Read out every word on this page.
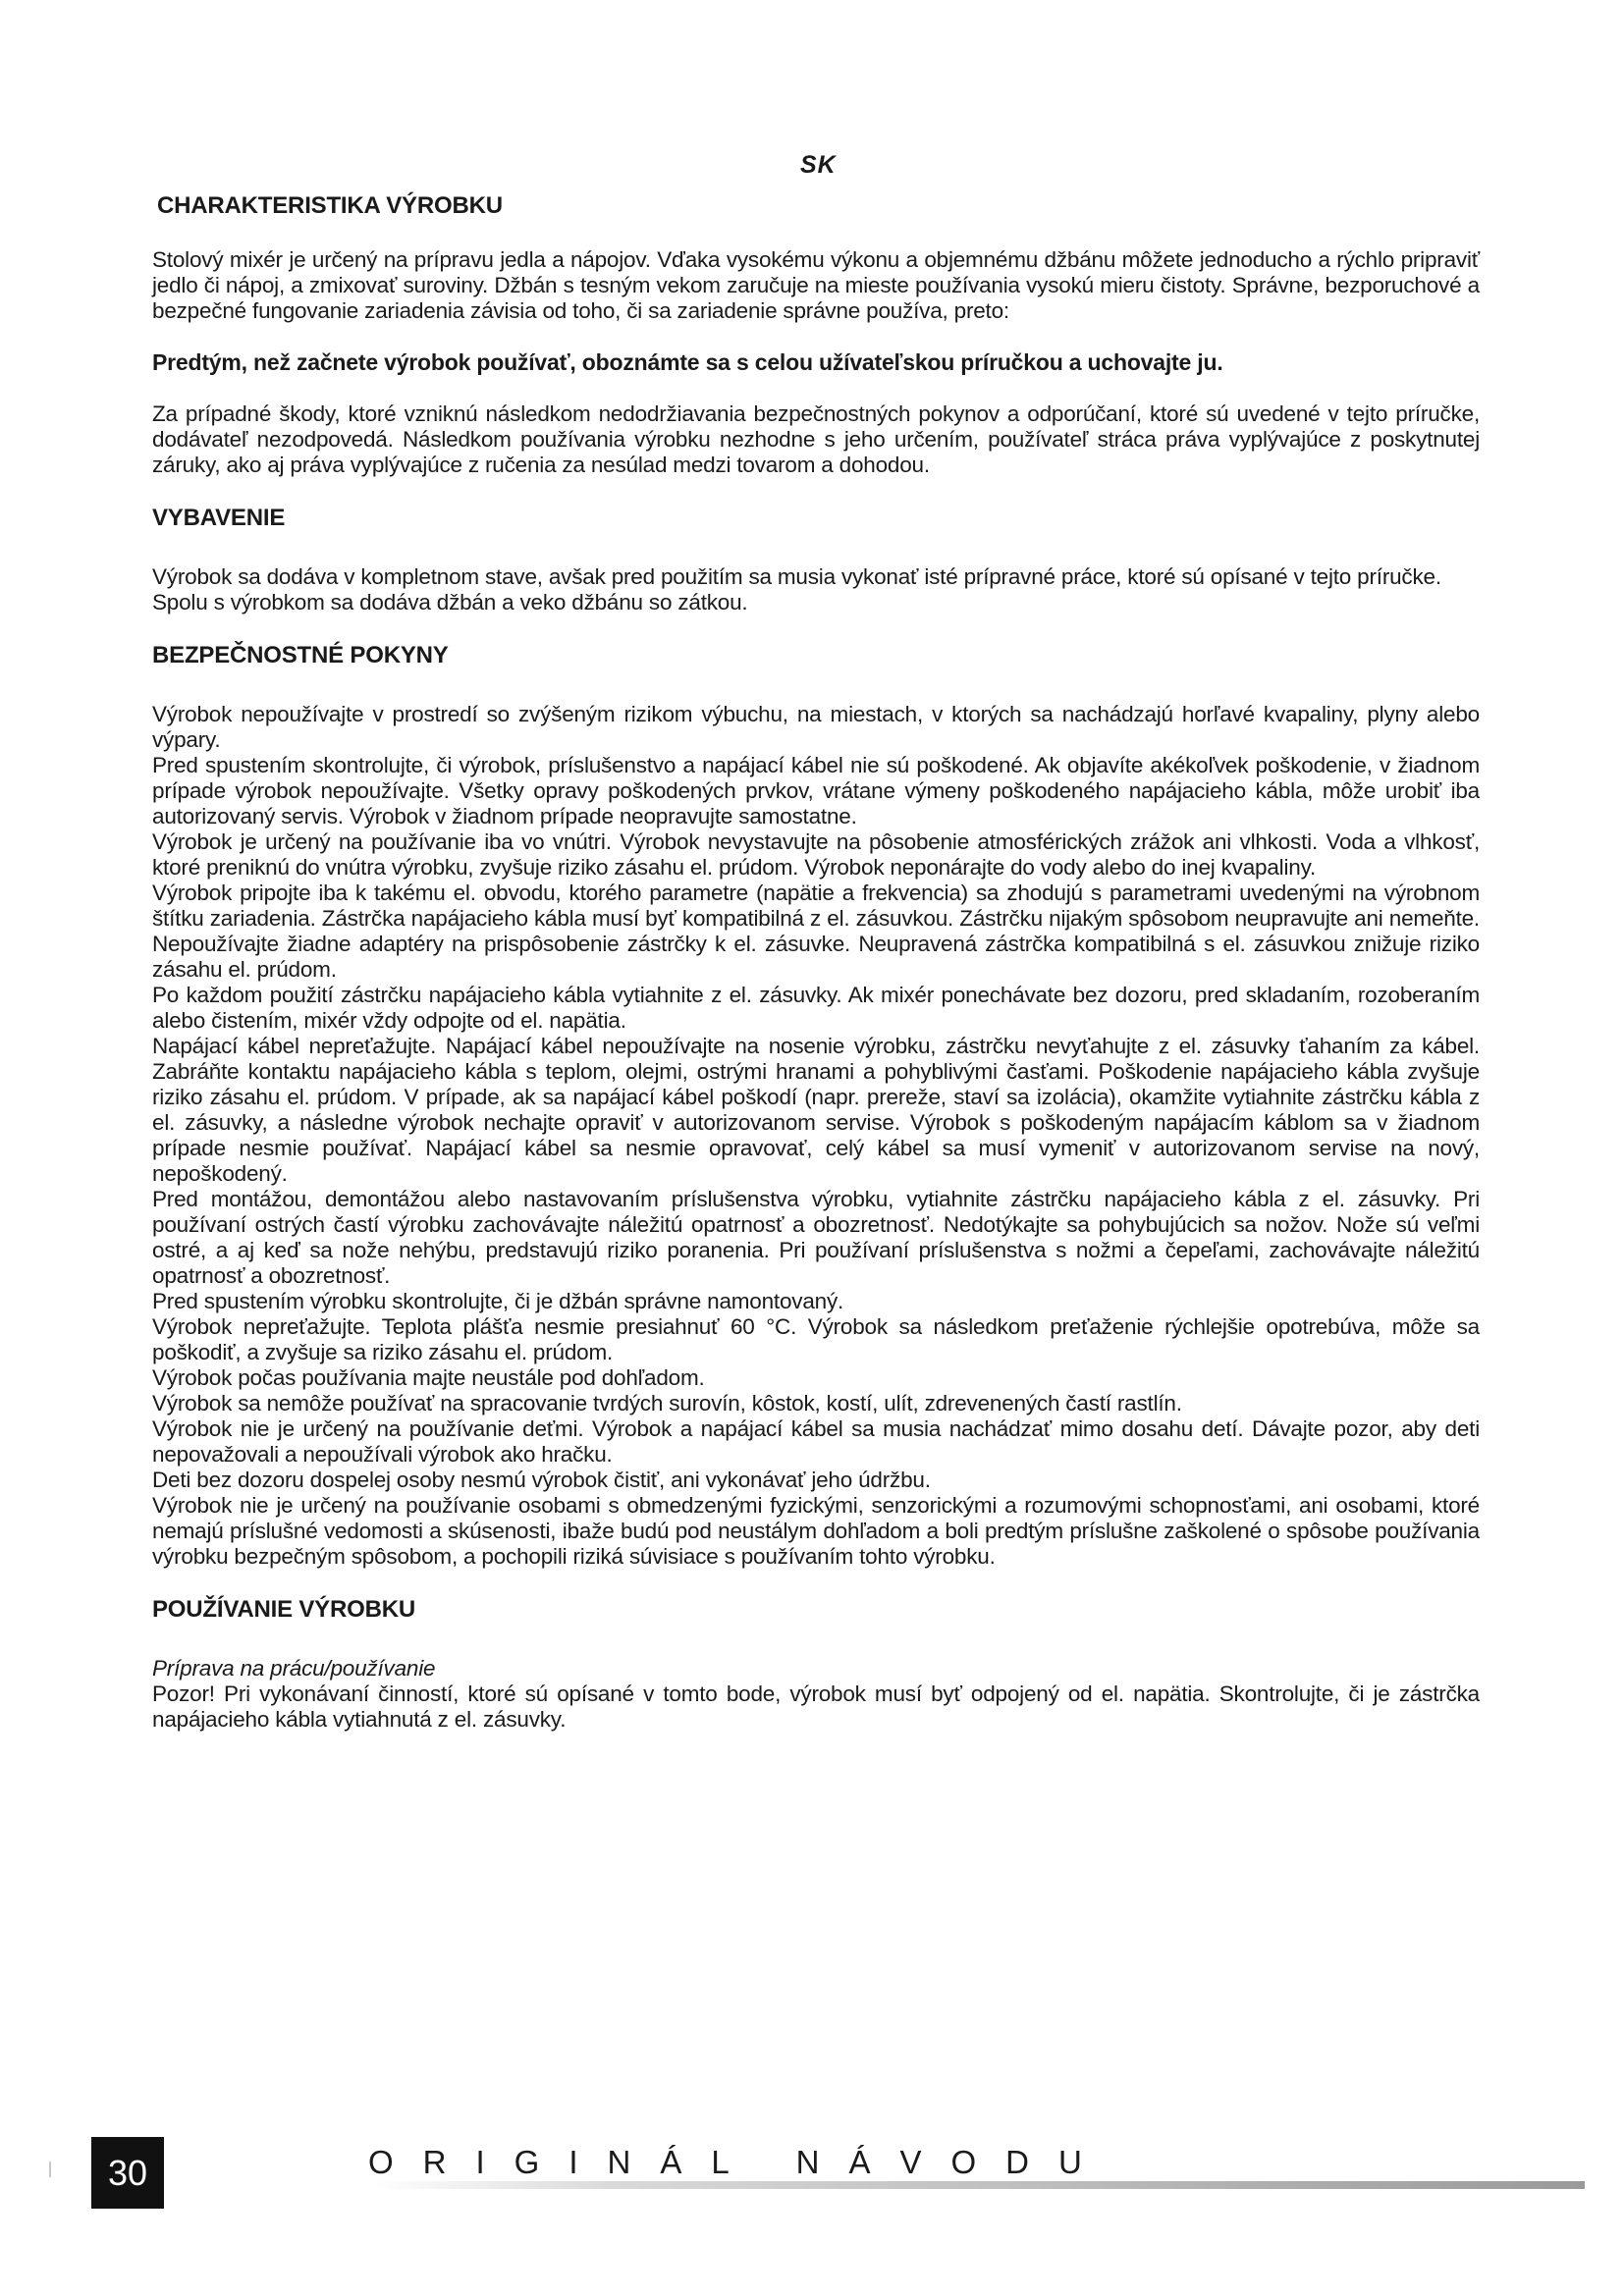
SK

CHARAKTERISTIKA VÝROBKU

Stolový mixér je určený na prípravu jedla a nápojov. Vďaka vysokému výkonu a objemnému džbánu môžete jednoducho a rýchlo pripraviť jedlo či nápoj, a zmixovať suroviny. Džbán s tesným vekom zaručuje na mieste používania vysokú mieru čistoty. Správne, bezporuchové a bezpečné fungovanie zariadenia závisia od toho, či sa zariadenie správne používa, preto:

Predtým, než začnete výrobok používať, oboznámte sa s celou užívateľskou príručkou a uchovajte ju.

Za prípadné škody, ktoré vzniknú následkom nedodržiavania bezpečnostných pokynov a odporúčaní, ktoré sú uvedené v tejto príručke, dodávateľ nezodpovedá. Následkom používania výrobku nezhodne s jeho určením, používateľ stráca práva vyplývajúce z poskytnutej záruky, ako aj práva vyplývajúce z ručenia za nesúlad medzi tovarom a dohodou.

VYBAVENIE

Výrobok sa dodáva v kompletnom stave, avšak pred použitím sa musia vykonať isté prípravné práce, ktoré sú opísané v tejto príručke.

Spolu s výrobkom sa dodáva džbán a veko džbánu so zátkou.

BEZPEČNOSTNÉ POKYNY

Výrobok nepoužívajte v prostredí so zvýšeným rizikom výbuchu, na miestach, v ktorých sa nachádzajú horľavé kvapaliny, plyny alebo výpary.

Pred spustením skontrolujte, či výrobok, príslušenstvo a napájací kábel nie sú poškodené. Ak objavíte akékoľvek poškodenie, v žiadnom prípade výrobok nepoužívajte. Všetky opravy poškodených prvkov, vrátane výmeny poškodeného napájacieho kábla, môže urobiť iba autorizovaný servis. Výrobok v žiadnom prípade neopravujte samostatne.

Výrobok je určený na používanie iba vo vnútri. Výrobok nevystavujte na pôsobenie atmosférických zrážok ani vlhkosti. Voda a vlhkosť, ktoré preniknú do vnútra výrobku, zvyšuje riziko zásahu el. prúdom. Výrobok neponárajte do vody alebo do inej kvapaliny.

Výrobok pripojte iba k takému el. obvodu, ktorého parametre (napätie a frekvencia) sa zhodujú s parametrami uvedenými na výrobnom štítku zariadenia. Zástrčka napájacieho kábla musí byť kompatibilná z el. zásuvkou. Zástrčku nijakým spôsobom neupravujte ani nemeňte. Nepoužívajte žiadne adaptéry na prispôsobenie zástrčky k el. zásuvke. Neupravená zástrčka kompatibilná s el. zásuvkou znižuje riziko zásahu el. prúdom.

Po každom použití zástrčku napájacieho kábla vytiahnite z el. zásuvky. Ak mixér ponechávate bez dozoru, pred skladaním, rozoberaním alebo čistením, mixér vždy odpojte od el. napätia.

Napájací kábel nepreťažujte. Napájací kábel nepoužívajte na nosenie výrobku, zástrčku nevyťahujte z el. zásuvky ťahaním za kábel. Zabráňte kontaktu napájacieho kábla s teplom, olejmi, ostrými hranami a pohyblivými časťami. Poškodenie napájacieho kábla zvyšuje riziko zásahu el. prúdom. V prípade, ak sa napájací kábel poškodí (napr. prereže, staví sa izolácia), okamžite vytiahnite zástrčku kábla z el. zásuvky, a následne výrobok nechajte opraviť v autorizovanom servise. Výrobok s poškodeným napájacím káblom sa v žiadnom prípade nesmie používať. Napájací kábel sa nesmie opravovať, celý kábel sa musí vymeniť v autorizovanom servise na nový, nepoškodený.

Pred montážou, demontážou alebo nastavovaním príslušenstva výrobku, vytiahnite zástrčku napájacieho kábla z el. zásuvky. Pri používaní ostrých častí výrobku zachovávajte náležitú opatrnosť a obozretnosť. Nedotýkajte sa pohybujúcich sa nožov. Nože sú veľmi ostré, a aj keď sa nože nehýbu, predstavujú riziko poranenia. Pri používaní príslušenstva s nožmi a čepeľami, zachovávajte náležitú opatrnosť a obozretnosť.

Pred spustením výrobku skontrolujte, či je džbán správne namontovaný.

Výrobok nepreťažujte. Teplota plášťa nesmie presiahnuť 60 °C. Výrobok sa následkom preťaženie rýchlejšie opotrebúva, môže sa poškodiť, a zvyšuje sa riziko zásahu el. prúdom.

Výrobok počas používania majte neustále pod dohľadom.

Výrobok sa nemôže používať na spracovanie tvrdých surovín, kôstok, kostí, ulít, zdrevenených častí rastlín.

Výrobok nie je určený na používanie deťmi. Výrobok a napájací kábel sa musia nachádzať mimo dosahu detí. Dávajte pozor, aby deti nepovažovali a nepoužívali výrobok ako hračku.

Deti bez dozoru dospelej osoby nesmú výrobok čistiť, ani vykonávať jeho údržbu.

Výrobok nie je určený na používanie osobami s obmedzenými fyzickými, senzorickými a rozumovými schopnosťami, ani osobami, ktoré nemajú príslušné vedomosti a skúsenosti, ibaže budú pod neustálym dohľadom a boli predtým príslušne zaškolené o spôsobe používania výrobku bezpečným spôsobom, a pochopili riziká súvisiace s používaním tohto výrobku.

POUŽÍVANIE VÝROBKU

Príprava na prácu/používanie

Pozor! Pri vykonávaní činností, ktoré sú opísané v tomto bode, výrobok musí byť odpojený od el. napätia. Skontrolujte, či je zástrčka napájacieho kábla vytiahnutá z el. zásuvky.

30	ORIGINÁL NÁVODU
